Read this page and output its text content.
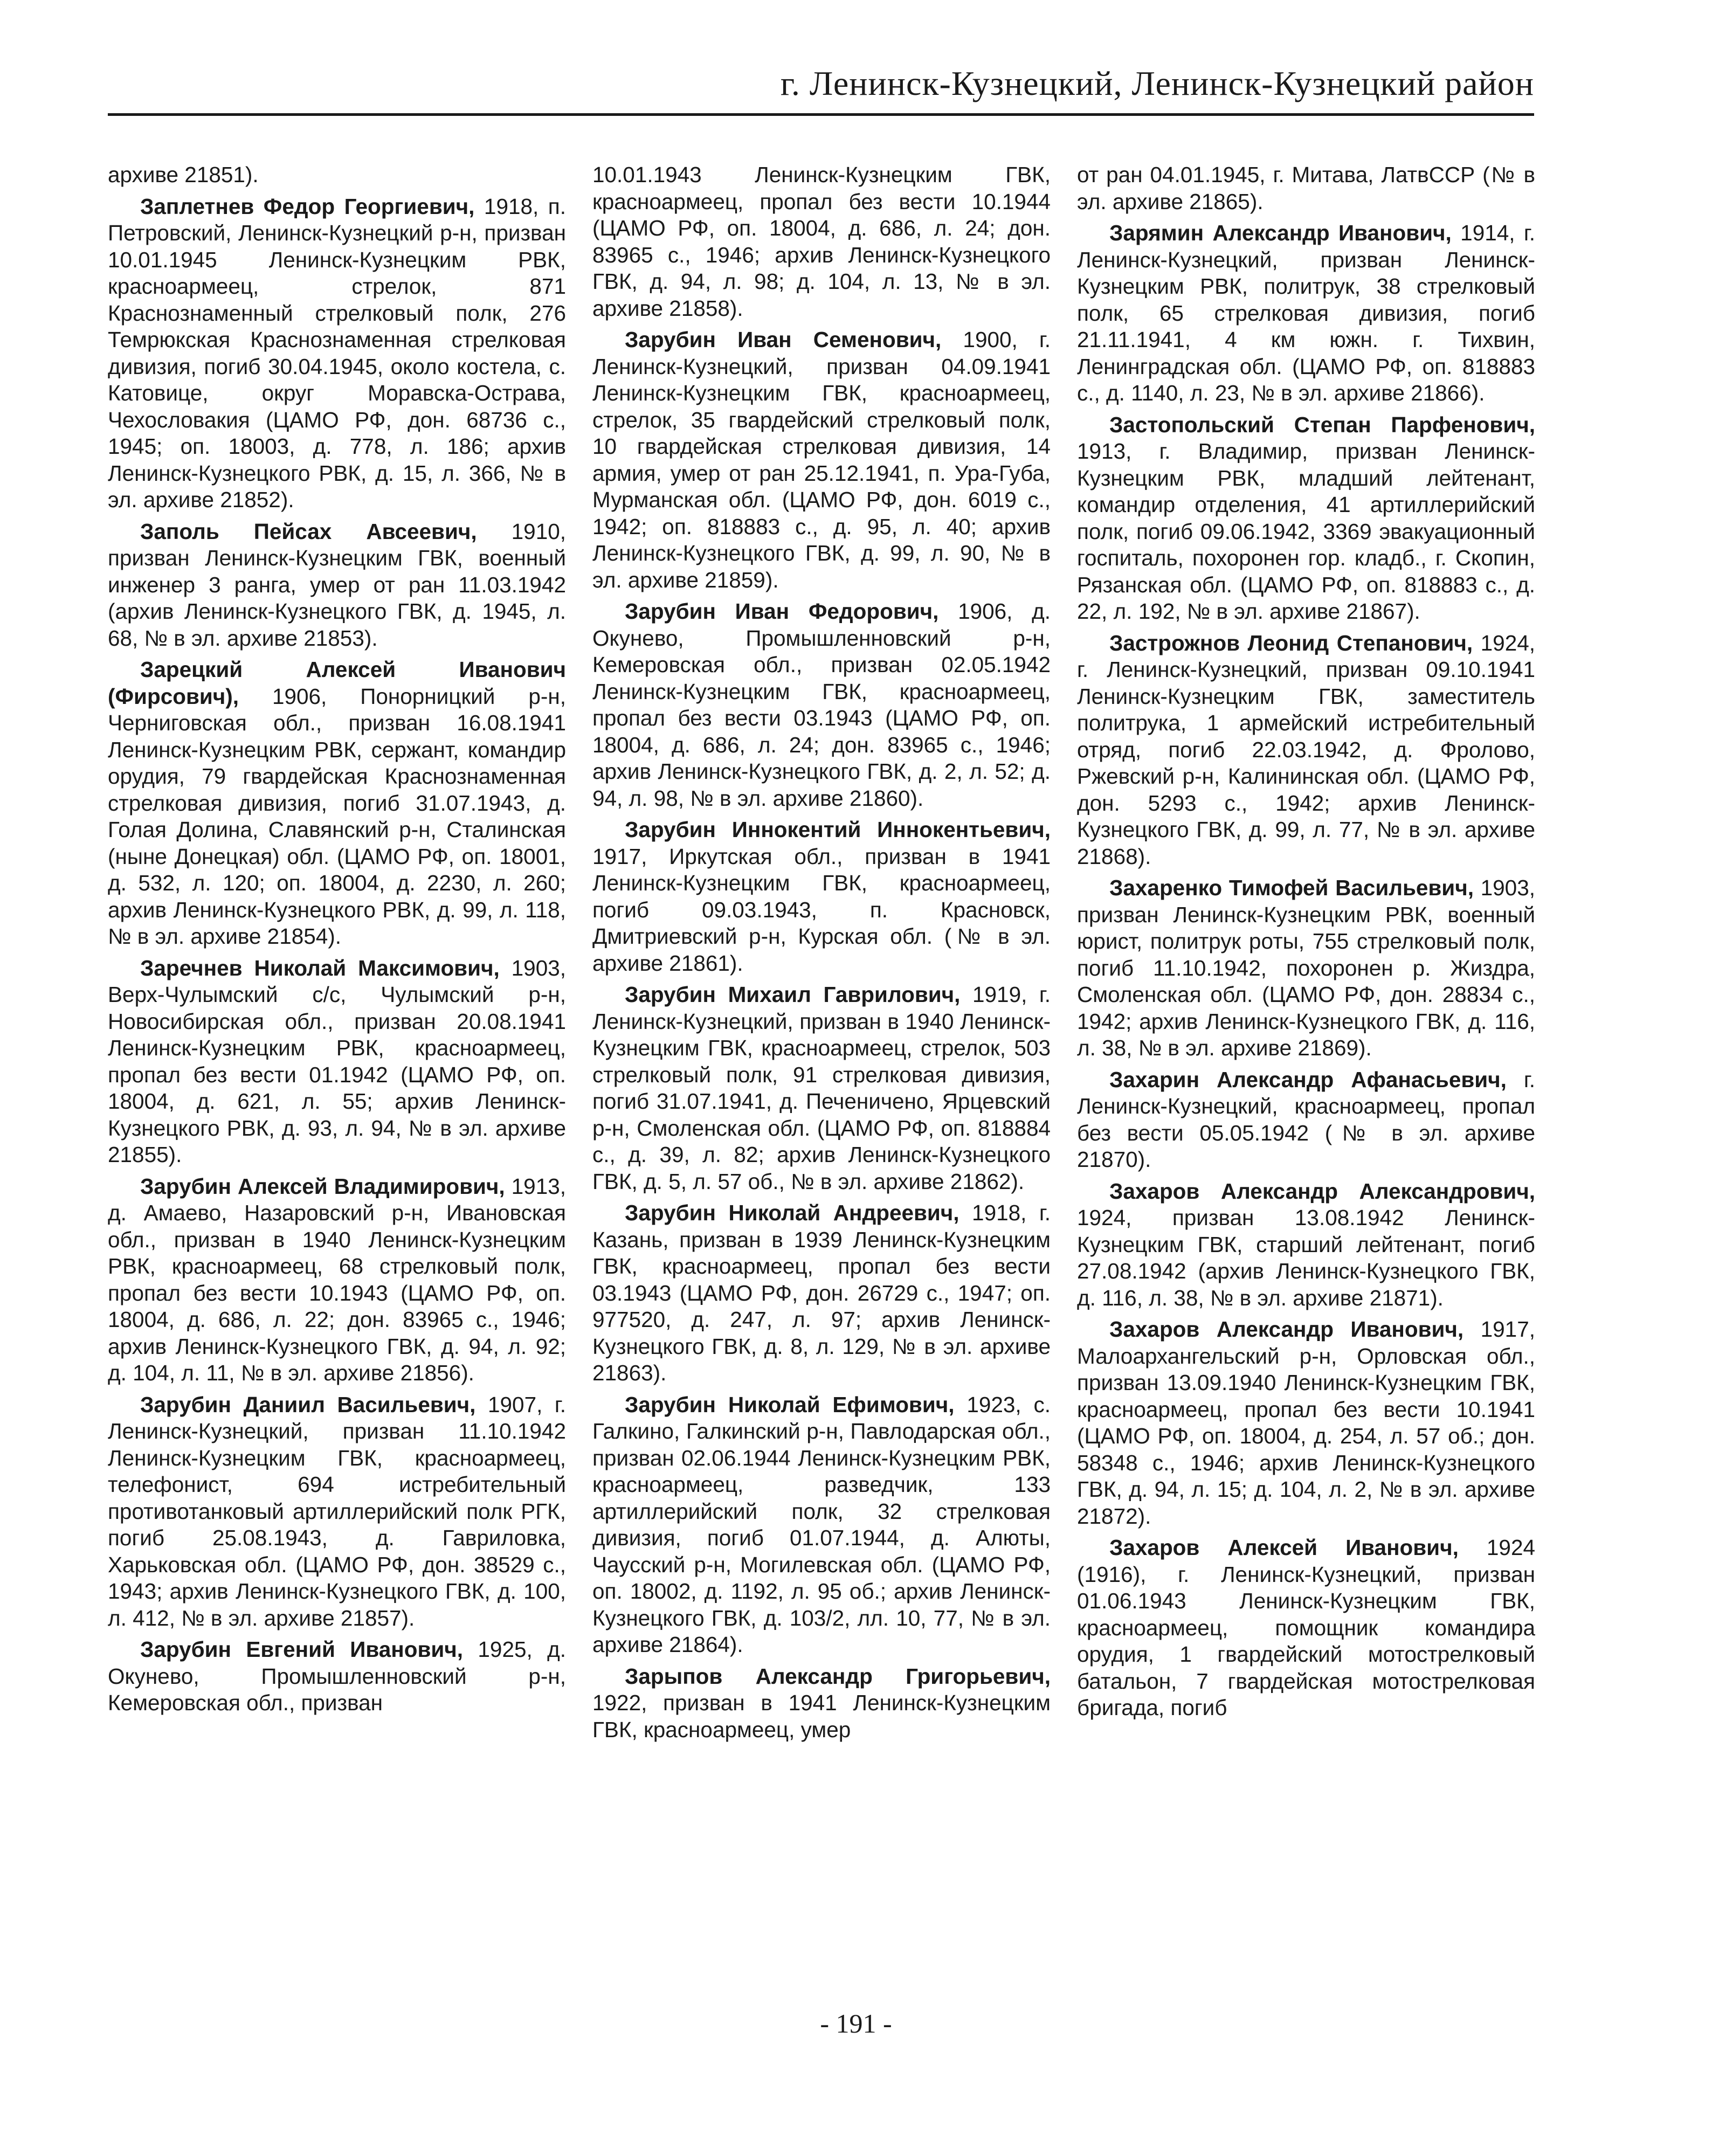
г. Ленинск-Кузнецкий, Ленинск-Кузнецкий район

архиве 21851).

Заплетнев Федор Георгиевич, 1918, п. Петровский, Ленинск-Кузнецкий р-н, призван 10.01.1945 Ленинск-Кузнецким РВК, красноармеец, стрелок, 871 Краснознаменный стрелковый полк, 276 Темрюкская Краснознаменная стрелковая дивизия, погиб 30.04.1945, около костела, с. Катовице, округ Моравска-Острава, Чехословакия (ЦАМО РФ, дон. 68736 с., 1945; оп. 18003, д. 778, л. 186; архив Ленинск-Кузнецкого РВК, д. 15, л. 366, № в эл. архиве 21852).

Заполь Пейсах Авсеевич, 1910, призван Ленинск-Кузнецким ГВК, военный инженер 3 ранга, умер от ран 11.03.1942 (архив Ленинск-Кузнецкого ГВК, д. 1945, л. 68, № в эл. архиве 21853).

Зарецкий Алексей Иванович (Фирсович), 1906, Понорницкий р-н, Черниговская обл., призван 16.08.1941 Ленинск-Кузнецким РВК, сержант, командир орудия, 79 гвардейская Краснознаменная стрелковая дивизия, погиб 31.07.1943, д. Голая Долина, Славянский р-н, Сталинская (ныне Донецкая) обл. (ЦАМО РФ, оп. 18001, д. 532, л. 120; оп. 18004, д. 2230, л. 260; архив Ленинск-Кузнецкого РВК, д. 99, л. 118, № в эл. архиве 21854).

Заречнев Николай Максимович, 1903, Верх-Чулымский с/с, Чулымский р-н, Новосибирская обл., призван 20.08.1941 Ленинск-Кузнецким РВК, красноармеец, пропал без вести 01.1942 (ЦАМО РФ, оп. 18004, д. 621, л. 55; архив Ленинск-Кузнецкого РВК, д. 93, л. 94, № в эл. архиве 21855).

Зарубин Алексей Владимирович, 1913, д. Амаево, Назаровский р-н, Ивановская обл., призван в 1940 Ленинск-Кузнецким РВК, красноармеец, 68 стрелковый полк, пропал без вести 10.1943 (ЦАМО РФ, оп. 18004, д. 686, л. 22; дон. 83965 с., 1946; архив Ленинск-Кузнецкого ГВК, д. 94, л. 92; д. 104, л. 11, № в эл. архиве 21856).

Зарубин Даниил Васильевич, 1907, г. Ленинск-Кузнецкий, призван 11.10.1942 Ленинск-Кузнецким ГВК, красноармеец, телефонист, 694 истребительный противотанковый артиллерийский полк РГК, погиб 25.08.1943, д. Гавриловка, Харьковская обл. (ЦАМО РФ, дон. 38529 с., 1943; архив Ленинск-Кузнецкого ГВК, д. 100, л. 412, № в эл. архиве 21857).

Зарубин Евгений Иванович, 1925, д. Окунево, Промышленновский р-н, Кемеровская обл., призван

10.01.1943 Ленинск-Кузнецким ГВК, красноармеец, пропал без вести 10.1944 (ЦАМО РФ, оп. 18004, д. 686, л. 24; дон. 83965 с., 1946; архив Ленинск-Кузнецкого ГВК, д. 94, л. 98; д. 104, л. 13, № в эл. архиве 21858).

Зарубин Иван Семенович, 1900, г. Ленинск-Кузнецкий, призван 04.09.1941 Ленинск-Кузнецким ГВК, красноармеец, стрелок, 35 гвардейский стрелковый полк, 10 гвардейская стрелковая дивизия, 14 армия, умер от ран 25.12.1941, п. Ура-Губа, Мурманская обл. (ЦАМО РФ, дон. 6019 с., 1942; оп. 818883 с., д. 95, л. 40; архив Ленинск-Кузнецкого ГВК, д. 99, л. 90, № в эл. архиве 21859).

Зарубин Иван Федорович, 1906, д. Окунево, Промышленновский р-н, Кемеровская обл., призван 02.05.1942 Ленинск-Кузнецким ГВК, красноармеец, пропал без вести 03.1943 (ЦАМО РФ, оп. 18004, д. 686, л. 24; дон. 83965 с., 1946; архив Ленинск-Кузнецкого ГВК, д. 2, л. 52; д. 94, л. 98, № в эл. архиве 21860).

Зарубин Иннокентий Иннокентьевич, 1917, Иркутская обл., призван в 1941 Ленинск-Кузнецким ГВК, красноармеец, погиб 09.03.1943, п. Красновск, Дмитриевский р-н, Курская обл. (№ в эл. архиве 21861).

Зарубин Михаил Гаврилович, 1919, г. Ленинск-Кузнецкий, призван в 1940 Ленинск-Кузнецким ГВК, красноармеец, стрелок, 503 стрелковый полк, 91 стрелковая дивизия, погиб 31.07.1941, д. Печеничено, Ярцевский р-н, Смоленская обл. (ЦАМО РФ, оп. 818884 с., д. 39, л. 82; архив Ленинск-Кузнецкого ГВК, д. 5, л. 57 об., № в эл. архиве 21862).

Зарубин Николай Андреевич, 1918, г. Казань, призван в 1939 Ленинск-Кузнецким ГВК, красноармеец, пропал без вести 03.1943 (ЦАМО РФ, дон. 26729 с., 1947; оп. 977520, д. 247, л. 97; архив Ленинск-Кузнецкого ГВК, д. 8, л. 129, № в эл. архиве 21863).

Зарубин Николай Ефимович, 1923, с. Галкино, Галкинский р-н, Павлодарская обл., призван 02.06.1944 Ленинск-Кузнецким РВК, красноармеец, разведчик, 133 артиллерийский полк, 32 стрелковая дивизия, погиб 01.07.1944, д. Алюты, Чаусский р-н, Могилевская обл. (ЦАМО РФ, оп. 18002, д. 1192, л. 95 об.; архив Ленинск-Кузнецкого ГВК, д. 103/2, лл. 10, 77, № в эл. архиве 21864).

Зарыпов Александр Григорьевич, 1922, призван в 1941 Ленинск-Кузнецким ГВК, красноармеец, умер

от ран 04.01.1945, г. Митава, ЛатвССР (№ в эл. архиве 21865).

Зарямин Александр Иванович, 1914, г. Ленинск-Кузнецкий, призван Ленинск-Кузнецким РВК, политрук, 38 стрелковый полк, 65 стрелковая дивизия, погиб 21.11.1941, 4 км южн. г. Тихвин, Ленинградская обл. (ЦАМО РФ, оп. 818883 с., д. 1140, л. 23, № в эл. архиве 21866).

Застопольский Степан Парфенович, 1913, г. Владимир, призван Ленинск-Кузнецким РВК, младший лейтенант, командир отделения, 41 артиллерийский полк, погиб 09.06.1942, 3369 эвакуационный госпиталь, похоронен гор. кладб., г. Скопин, Рязанская обл. (ЦАМО РФ, оп. 818883 с., д. 22, л. 192, № в эл. архиве 21867).

Застрожнов Леонид Степанович, 1924, г. Ленинск-Кузнецкий, призван 09.10.1941 Ленинск-Кузнецким ГВК, заместитель политрука, 1 армейский истребительный отряд, погиб 22.03.1942, д. Фролово, Ржевский р-н, Калининская обл. (ЦАМО РФ, дон. 5293 с., 1942; архив Ленинск-Кузнецкого ГВК, д. 99, л. 77, № в эл. архиве 21868).

Захаренко Тимофей Васильевич, 1903, призван Ленинск-Кузнецким РВК, военный юрист, политрук роты, 755 стрелковый полк, погиб 11.10.1942, похоронен р. Жиздра, Смоленская обл. (ЦАМО РФ, дон. 28834 с., 1942; архив Ленинск-Кузнецкого ГВК, д. 116, л. 38, № в эл. архиве 21869).

Захарин Александр Афанасьевич, г. Ленинск-Кузнецкий, красноармеец, пропал без вести 05.05.1942 (№ в эл. архиве 21870).

Захаров Александр Александрович, 1924, призван 13.08.1942 Ленинск-Кузнецким ГВК, старший лейтенант, погиб 27.08.1942 (архив Ленинск-Кузнецкого ГВК, д. 116, л. 38, № в эл. архиве 21871).

Захаров Александр Иванович, 1917, Малоархангельский р-н, Орловская обл., призван 13.09.1940 Ленинск-Кузнецким ГВК, красноармеец, пропал без вести 10.1941 (ЦАМО РФ, оп. 18004, д. 254, л. 57 об.; дон. 58348 с., 1946; архив Ленинск-Кузнецкого ГВК, д. 94, л. 15; д. 104, л. 2, № в эл. архиве 21872).

Захаров Алексей Иванович, 1924 (1916), г. Ленинск-Кузнецкий, призван 01.06.1943 Ленинск-Кузнецким ГВК, красноармеец, помощник командира орудия, 1 гвардейский мотострелковый батальон, 7 гвардейская мотострелковая бригада, погиб

- 191 -
